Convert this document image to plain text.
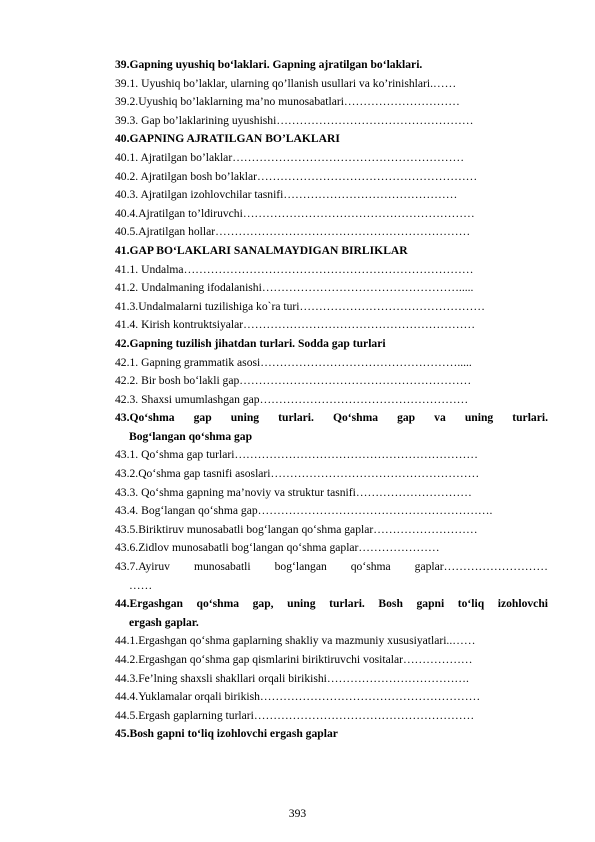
39.Gapning uyushiq bo‘laklari. Gapning ajratilgan bo‘laklari.
39.1. Uyushiq bo’laklar, ularning qo’llanish usullari va ko’rinishlari.……
39.2.Uyushiq bo’laklarning ma’no munosabatlari…………………………
39.3. Gap bo’laklarining uyushishi……………………………………………
40.GAPNING AJRATILGAN BO’LAKLARI
40.1. Ajratilgan bo’laklar……………………………………………………
40.2. Ajratilgan bosh bo’laklar…………………………………………………
40.3. Ajratilgan izohlovchilar tasnifi………………………………………
40.4.Ajratilgan to’ldiruvchi……………………………………………………
40.5.Ajratilgan hollar…………………………………………………………
41.GAP BO‘LAKLARI SANALMAYDIGAN BIRLIKLAR
41.1. Undalma…………………………………………………………………
41.2. Undalmaning ifodalanishi…………………………………………….....
41.3.Undalmalarni tuzilishiga ko`ra turi…………………………………………
41.4. Kirish kontruktsiyalar……………………………………………………
42.Gapning tuzilish jihatdan turlari. Sodda gap turlari
42.1. Gapning grammatik asosi…………………………………………….....
42.2. Bir bosh bo‘lakli gap……………………………………………………
42.3. Shaxsi umumlashgan gap………………………………………………
43.Qo‘shma gap uning turlari. Qo‘shma gap va uning turlari.
Bog‘langan qo‘shma gap
43.1. Qo‘shma gap turlari………………………………………………………
43.2.Qo‘shma gap tasnifi asoslari………………………………………………
43.3. Qo‘shma gapning ma’noviy va struktur tasnifi…………………………
43.4. Bog‘langan qo‘shma gap…………………………………………………….
43.5.Biriktiruv munosabatli bog‘langan qo‘shma gaplar………………………
43.6.Zidlov munosabatli bog‘langan qo‘shma gaplar…………………
43.7.Ayiruv munosabatli bog‘langan qo‘shma gaplar………………………
……
44.Ergashgan qo‘shma gap, uning turlari. Bosh gapni to‘liq izohlovchi
ergash gaplar.
44.1.Ergashgan qo‘shma gaplarning shakliy va mazmuniy xususiyatlari..……
44.2.Ergashgan qo‘shma gap qismlarini biriktiruvchi vositalar………………
44.3.Fe’lning shaxsli shakllari orqali birikishi……………………………….
44.4.Yuklamalar orqali birikish…………………………………………………
44.5.Ergash gaplarning turlari…………………………………………………
45.Bosh gapni to‘liq izohlovchi ergash gaplar
393
